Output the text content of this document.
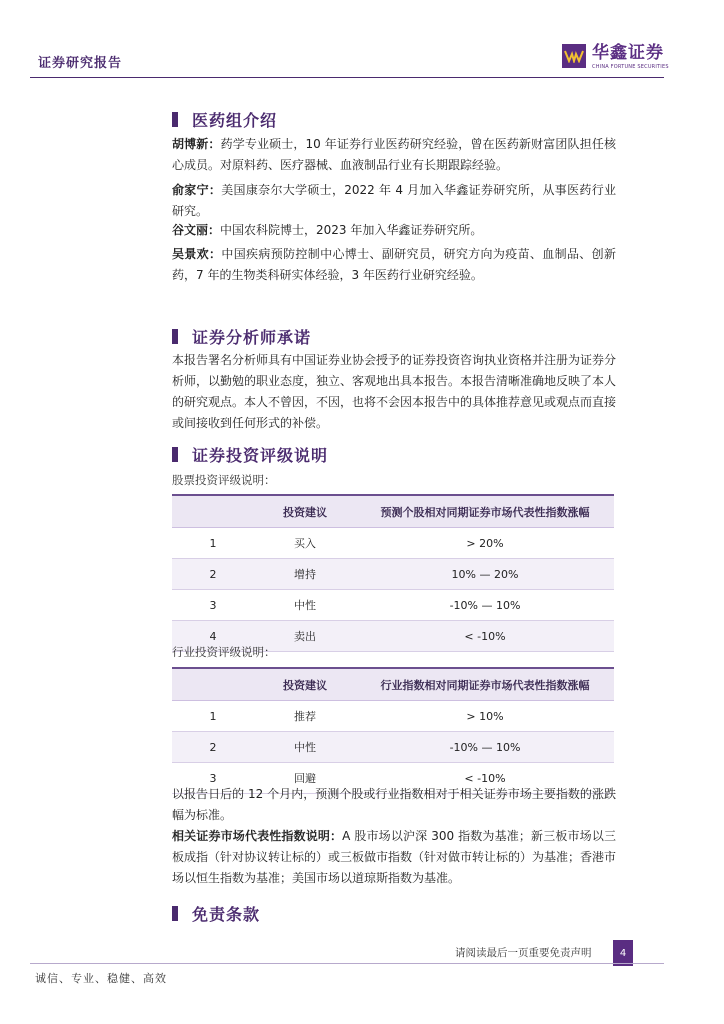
证券研究报告
华鑫证券
CHINA FORTUNE SECURITIES
医药组介绍
胡博新：药学专业硕士，10 年证券行业医药研究经验，曾在医药新财富团队担任核心成员。对原料药、医疗器械、血液制品行业有长期跟踪经验。
俞家宁：美国康奈尔大学硕士，2022 年 4 月加入华鑫证券研究所，从事医药行业研究。
谷文丽：中国农科院博士，2023 年加入华鑫证券研究所。
吴景欢：中国疾病预防控制中心博士、副研究员，研究方向为疫苗、血制品、创新药，7 年的生物类科研实体经验，3 年医药行业研究经验。
证券分析师承诺
本报告署名分析师具有中国证券业协会授予的证券投资咨询执业资格并注册为证券分析师，以勤勉的职业态度，独立、客观地出具本报告。本报告清晰准确地反映了本人的研究观点。本人不曾因，不因，也将不会因本报告中的具体推荐意见或观点而直接或间接收到任何形式的补偿。
证券投资评级说明
股票投资评级说明：
	投资建议	预测个股相对同期证券市场代表性指数涨幅
1	买入	> 20%
2	增持	10% — 20%
3	中性	-10% — 10%
4	卖出	< -10%
行业投资评级说明：
	投资建议	行业指数相对同期证券市场代表性指数涨幅
1	推荐	> 10%
2	中性	-10% — 10%
3	回避	< -10%
以报告日后的 12 个月内，预测个股或行业指数相对于相关证券市场主要指数的涨跌幅为标准。
相关证券市场代表性指数说明：A 股市场以沪深 300 指数为基准；新三板市场以三板成指（针对协议转让标的）或三板做市指数（针对做市转让标的）为基准；香港市场以恒生指数为基准；美国市场以道琼斯指数为基准。
免责条款
请阅读最后一页重要免责声明	4
诚信、专业、稳健、高效
